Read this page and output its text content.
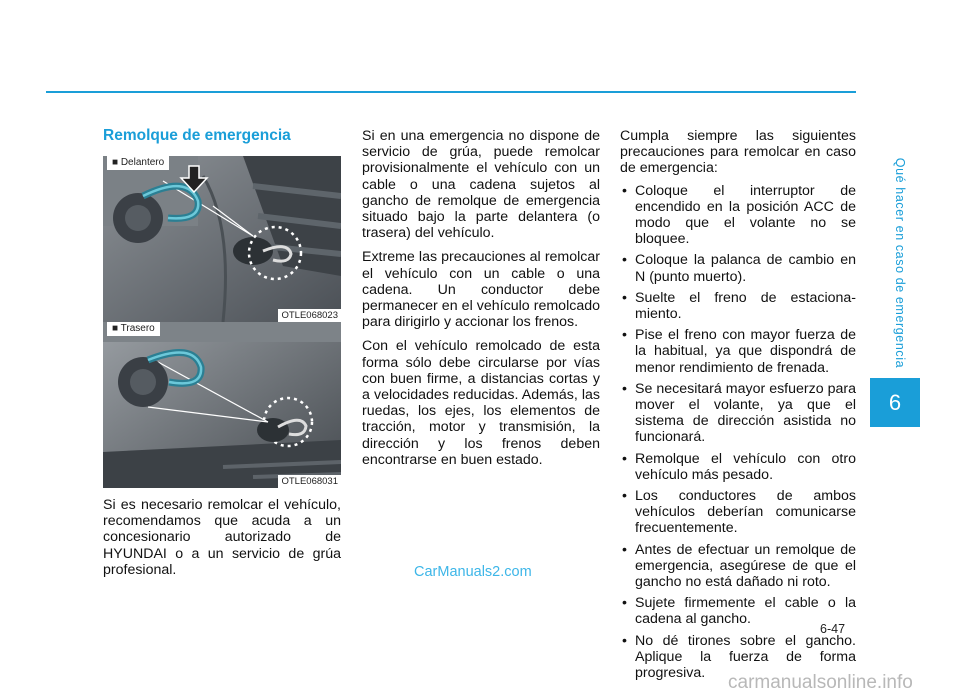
Qué hacer en caso de emergencia
6
Remolque de emergencia
■ Delantero
OTLE068023
■ Trasero
OTLE068031

Si es necesario remolcar el vehículo, recomendamos que acuda a un concesionario autorizado de HYUNDAI o a un servicio de grúa profesional.

Si en una emergencia no dispone de servicio de grúa, puede remolcar provisionalmente el vehículo con un cable o una cadena sujetos al gancho de remolque de emergencia situado bajo la parte delantera (o trasera) del vehículo.

Extreme las precauciones al remolcar el vehículo con un cable o una cadena. Un conductor debe permanecer en el vehículo remolcado para dirigirlo y accionar los frenos.

Con el vehículo remolcado de esta forma sólo debe circularse por vías con buen firme, a distancias cortas y a velocidades reducidas. Además, las ruedas, los ejes, los elementos de tracción, motor y transmisión, la dirección y los frenos deben encontrarse en buen estado.

Cumpla siempre las siguientes precauciones para remolcar en caso de emergencia:

• Coloque el interruptor de encendido en la posición ACC de modo que el volante no se bloquee.
• Coloque la palanca de cambio en N (punto muerto).
• Suelte el freno de estaciona- miento.
• Pise el freno con mayor fuerza de la habitual, ya que dispondrá de menor rendimiento de frenada.
• Se necesitará mayor esfuerzo para mover el volante, ya que el sistema de dirección asistida no funcionará.
• Remolque el vehículo con otro vehículo más pesado.
• Los conductores de ambos vehículos deberían comunicarse frecuentemente.
• Antes de efectuar un remolque de emergencia, asegúrese de que el gancho no está dañado ni roto.
• Sujete firmemente el cable o la cadena al gancho.
• No dé tirones sobre el gancho. Aplique la fuerza de forma progresiva.
6-47
CarManuals2.com
carmanualsonline.info
